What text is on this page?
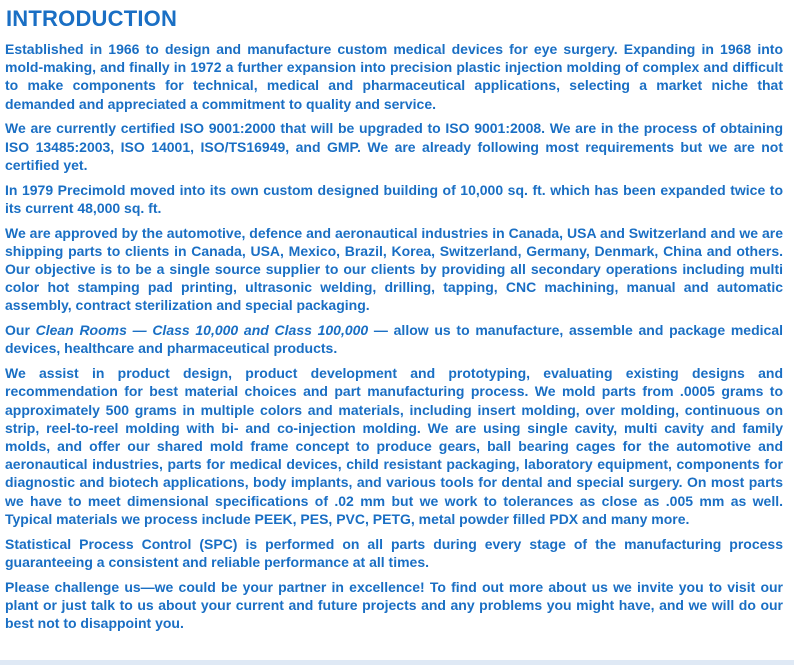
INTRODUCTION

Established in 1966 to design and manufacture custom medical devices for eye surgery. Expanding in 1968 into mold-making, and finally in 1972 a further expansion into precision plastic injection molding of complex and difficult to make components for technical, medical and pharmaceutical applications, selecting a market niche that demanded and appreciated a commitment to quality and service.

We are currently certified ISO 9001:2000 that will be upgraded to ISO 9001:2008. We are in the process of obtaining ISO 13485:2003, ISO 14001, ISO/TS16949, and GMP. We are already following most requirements but we are not certified yet.

In 1979 Precimold moved into its own custom designed building of 10,000 sq. ft. which has been expanded twice to its current 48,000 sq. ft.

We are approved by the automotive, defence and aeronautical industries in Canada, USA and Switzerland and we are shipping parts to clients in Canada, USA, Mexico, Brazil, Korea, Switzerland, Germany, Denmark, China and others. Our objective is to be a single source supplier to our clients by providing all secondary operations including multi color hot stamping pad printing, ultrasonic welding, drilling, tapping, CNC machining, manual and automatic assembly, contract sterilization and special packaging.

Our Clean Rooms — Class 10,000 and Class 100,000 — allow us to manufacture, assemble and package medical devices, healthcare and pharmaceutical products.

We assist in product design, product development and prototyping, evaluating existing designs and recommendation for best material choices and part manufacturing process. We mold parts from .0005 grams to approximately 500 grams in multiple colors and materials, including insert molding, over molding, continuous on strip, reel-to-reel molding with bi- and co-injection molding. We are using single cavity, multi cavity and family molds, and offer our shared mold frame concept to produce gears, ball bearing cages for the automotive and aeronautical industries, parts for medical devices, child resistant packaging, laboratory equipment, components for diagnostic and biotech applications, body implants, and various tools for dental and special surgery. On most parts we have to meet dimensional specifications of .02 mm but we work to tolerances as close as .005 mm as well. Typical materials we process include PEEK, PES, PVC, PETG, metal powder filled PDX and many more.

Statistical Process Control (SPC) is performed on all parts during every stage of the manufacturing process guaranteeing a consistent and reliable performance at all times.

Please challenge us—we could be your partner in excellence! To find out more about us we invite you to visit our plant or just talk to us about your current and future projects and any problems you might have, and we will do our best not to disappoint you.
